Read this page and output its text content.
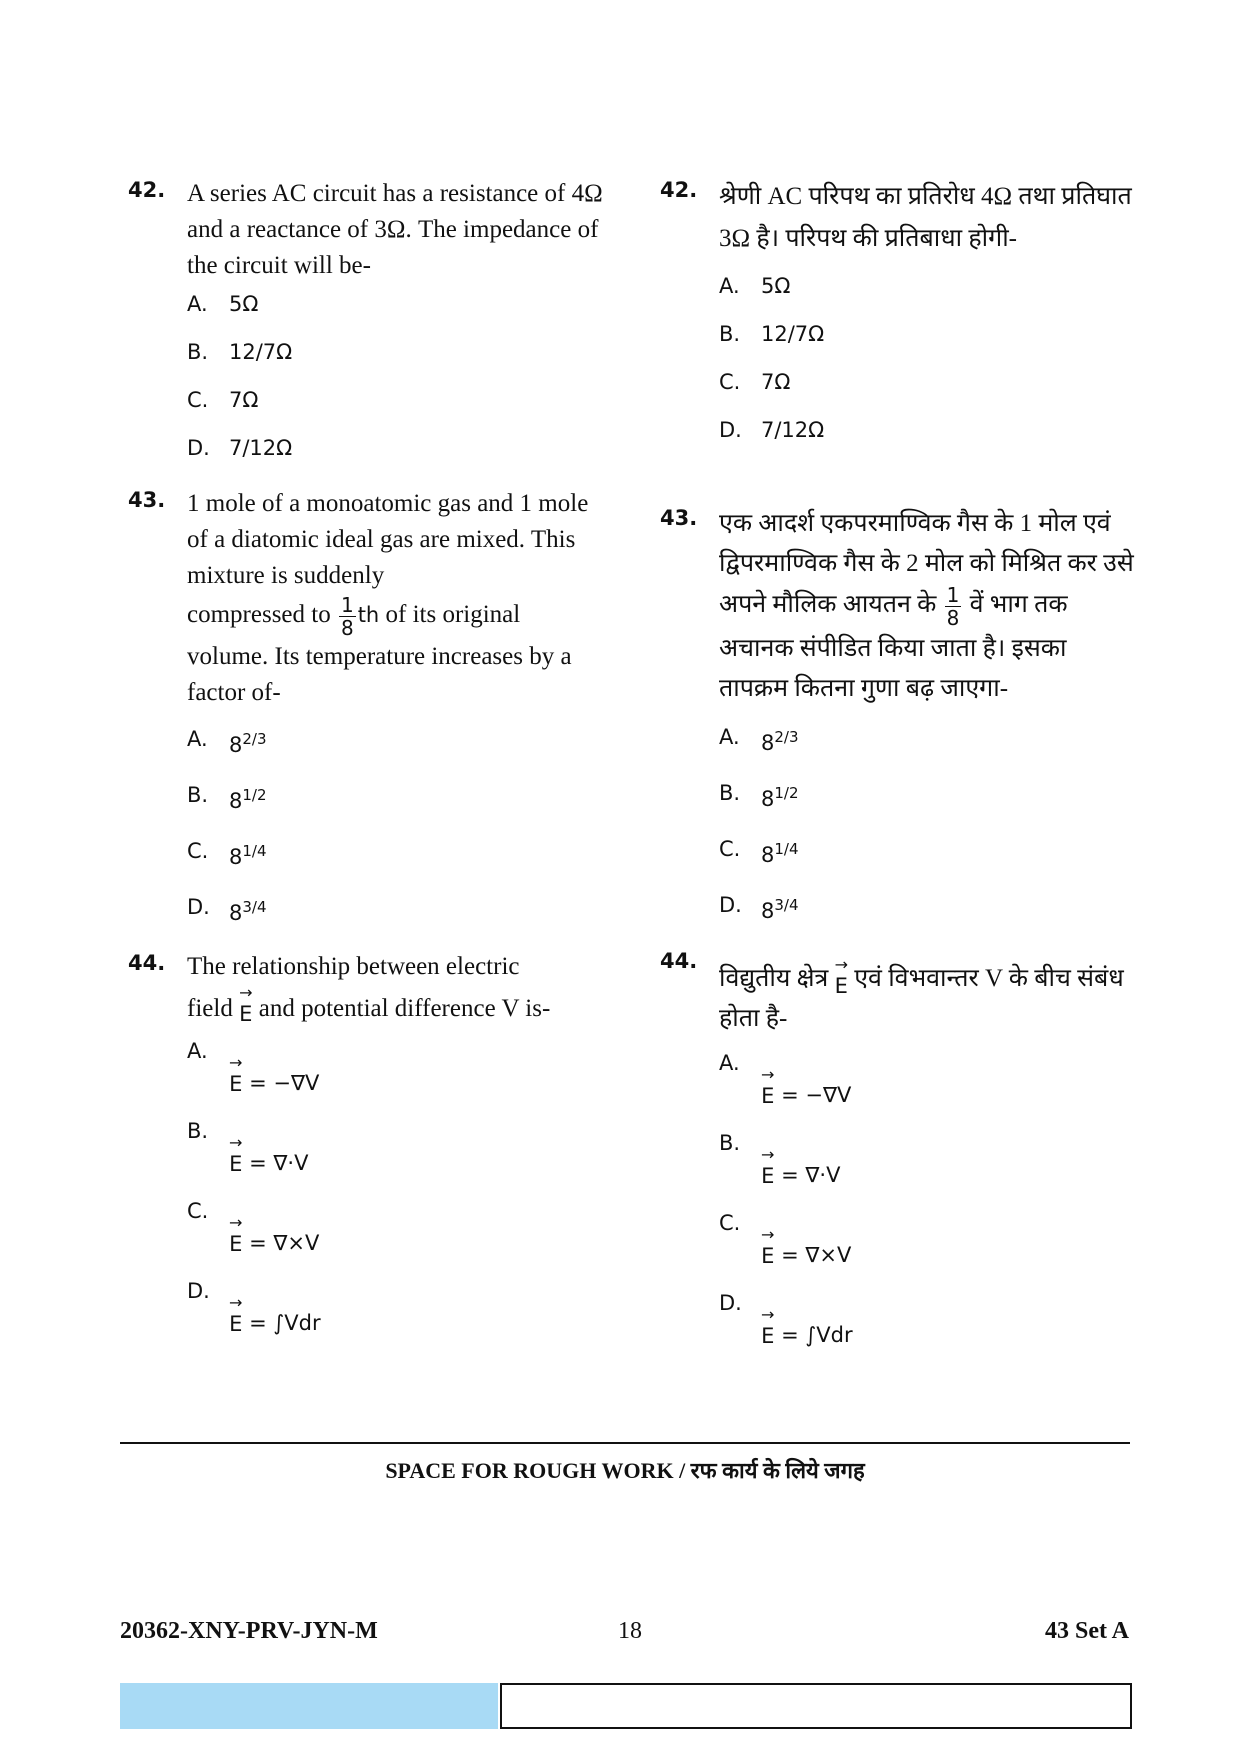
42. A series AC circuit has a resistance of 4Ω and a reactance of 3Ω. The impedance of the circuit will be-
A.	5Ω
B. 12/7Ω
C. 7Ω
D. 7/12Ω
43. 1 mole of a monoatomic gas and 1 mole of a diatomic ideal gas are mixed. This mixture is suddenly
compressed to $\frac{1}{8}$ th of its original
volume. Its temperature increases by a factor of-
A.	$8^{2/3}$
B. $8^{1/2}$
C. $8^{1/4}$
D. $8^{3/4}$
44. The relationship between electric
field
→
E and potential difference V is-
A.	→
E = −∇V
B.	→
E = ∇·V
C.	→
E = ∇×V
D.	→
E = ∫Vdr
42. श्रेणी AC परिपथ का प्रतिरोध 4Ω तथा प्रतिघात 3Ω है। परिपथ की प्रतिबाधा होगी-
A.	5Ω
B. 12/7Ω
C. 7Ω
D. 7/12Ω
43. एक आदर्श एकपरमाण्विक गैस के 1 मोल एवं द्विपरमाण्विक गैस के 2 मोल को मिश्रित कर उसे
अपने मौलिक आयतन के $\frac{1}{8}$ वें भाग तक
अचानक संपीडित किया जाता है। इसका तापक्रम कितना गुणा बढ़ जाएगा-
A.	$8^{2/3}$
B. $8^{1/2}$
C. $8^{1/4}$
D. $8^{3/4}$
44.
विद्युतीय क्षेत्र
→
E एवं विभवान्तर V के बीच संबंध होता है-
A.	→
E = −∇V
B.	→
E = ∇·V
C.	→
E = ∇×V
D.	→
E = ∫Vdr
SPACE FOR ROUGH WORK / रफ कार्य के लिये जगह
20362-XNY-PRV-JYN-M	18	43 Set A
